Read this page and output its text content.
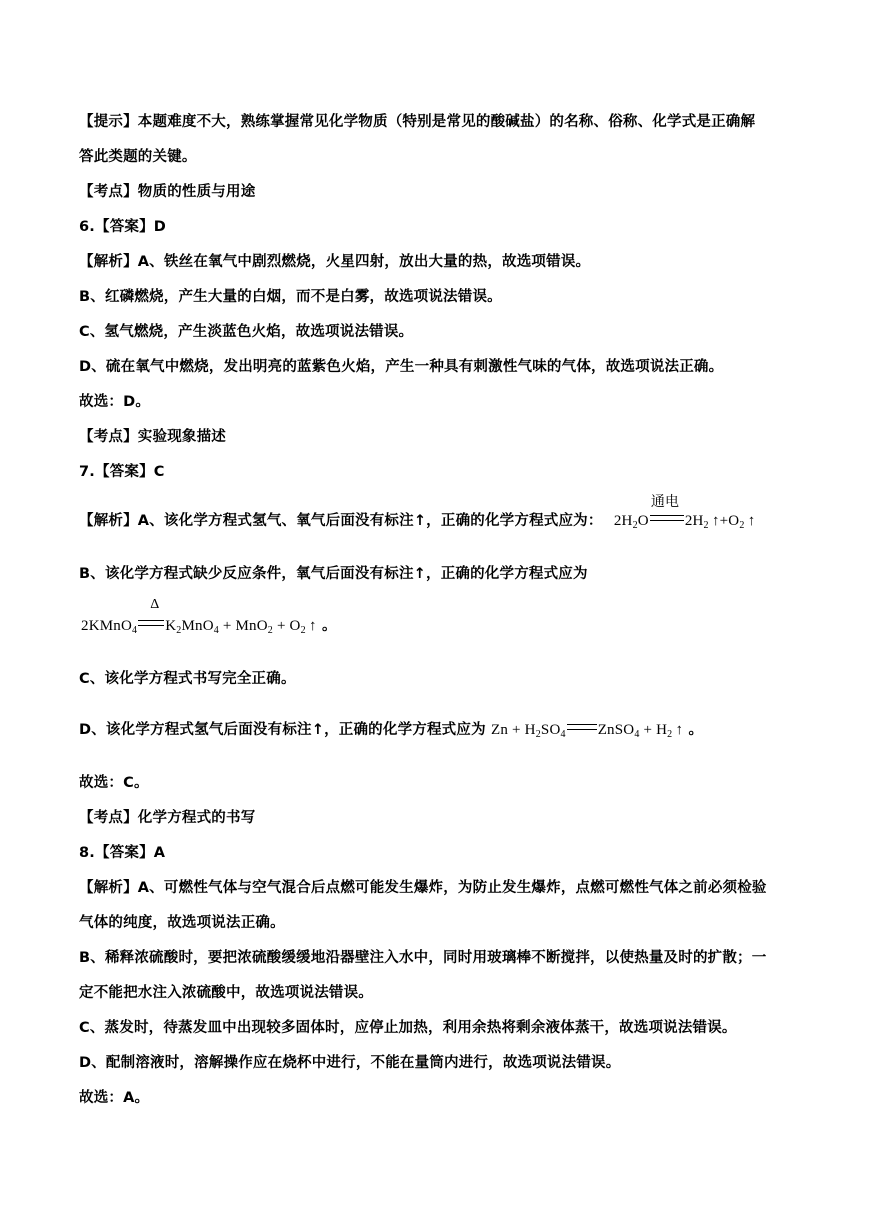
【提示】本题难度不大，熟练掌握常见化学物质（特别是常见的酸碱盐）的名称、俗称、化学式是正确解
答此类题的关键。
【考点】物质的性质与用途
6.【答案】D
【解析】A、铁丝在氧气中剧烈燃烧，火星四射，放出大量的热，故选项错误。
B、红磷燃烧，产生大量的白烟，而不是白雾，故选项说法错误。
C、氢气燃烧，产生淡蓝色火焰，故选项说法错误。
D、硫在氧气中燃烧，发出明亮的蓝紫色火焰，产生一种具有刺激性气味的气体，故选项说法正确。
故选：D。
【考点】实验现象描述
7.【答案】C
【解析】A、该化学方程式氢气、氧气后面没有标注↑，正确的化学方程式应为： $2H_2O$
通电
$2H_2$ $↑+O_2$ ↑
B、该化学方程式缺少反应条件，氧气后面没有标注↑，正确的化学方程式应为
2KMnO$_4$
Δ
$K_2MnO_4 + MnO_2 + O_2$ ↑ 。
C、该化学方程式书写完全正确。
D、该化学方程式氢气后面没有标注↑，正确的化学方程式应为 $Zn + H_2SO_4$ ZnSO$_4$ + $H_2$ ↑ 。
故选：C。
【考点】化学方程式的书写
8.【答案】A
【解析】A、可燃性气体与空气混合后点燃可能发生爆炸，为防止发生爆炸，点燃可燃性气体之前必须检验
气体的纯度，故选项说法正确。
B、稀释浓硫酸时，要把浓硫酸缓缓地沿器壁注入水中，同时用玻璃棒不断搅拌，以使热量及时的扩散；一
定不能把水注入浓硫酸中，故选项说法错误。
C、蒸发时，待蒸发皿中出现较多固体时，应停止加热，利用余热将剩余液体蒸干，故选项说法错误。
D、配制溶液时，溶解操作应在烧杯中进行，不能在量筒内进行，故选项说法错误。
故选：A。
